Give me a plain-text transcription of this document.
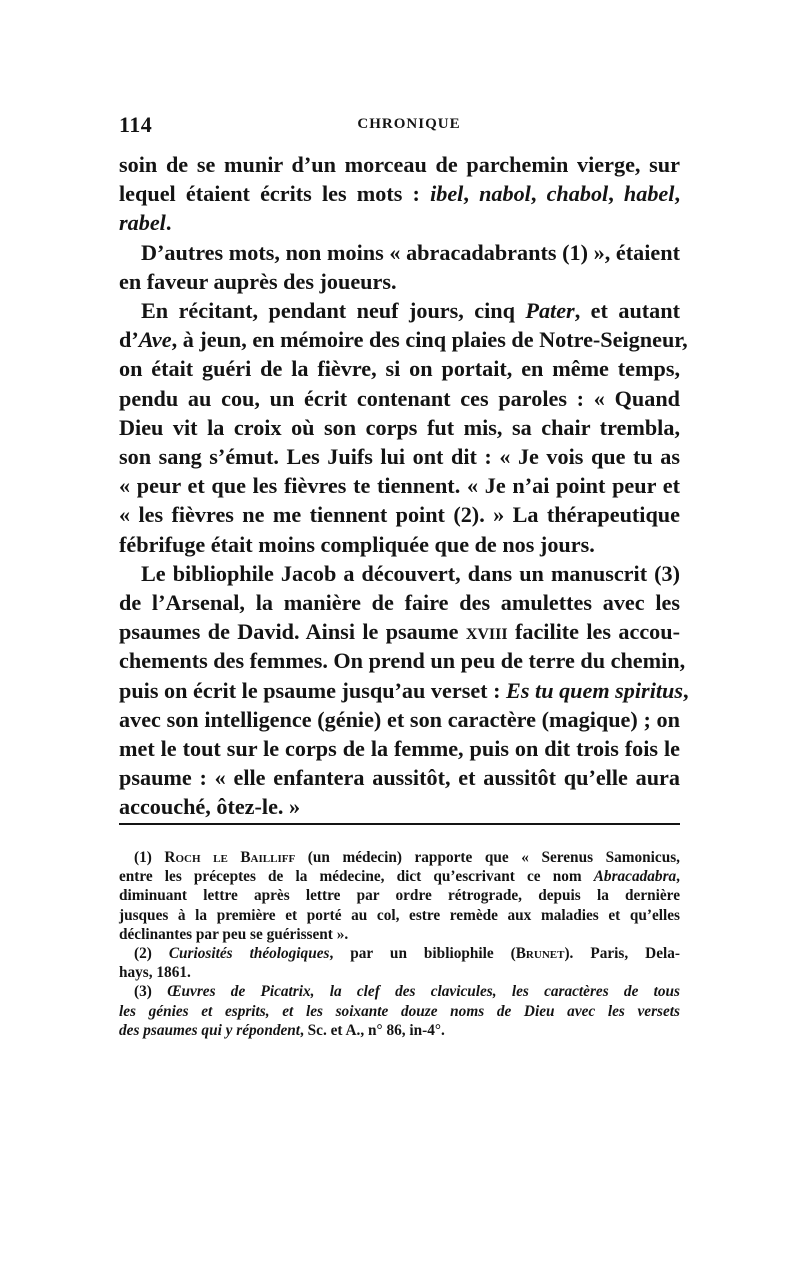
114	CHRONIQUE
soin de se munir d’un morceau de parchemin vierge, sur
lequel étaient écrits les mots : ibel, nabol, chabol, habel,
rabel.
D’autres mots, non moins « abracadabrants (1) », étaient
en faveur auprès des joueurs.
En récitant, pendant neuf jours, cinq Pater, et autant
d’Ave, à jeun, en mémoire des cinq plaies de Notre-Seigneur,
on était guéri de la fièvre, si on portait, en même temps,
pendu au cou, un écrit contenant ces paroles : « Quand
Dieu vit la croix où son corps fut mis, sa chair trembla,
son sang s’émut. Les Juifs lui ont dit : « Je vois que tu as
« peur et que les fièvres te tiennent. « Je n’ai point peur et
« les fièvres ne me tiennent point (2). » La thérapeutique
fébrifuge était moins compliquée que de nos jours.
Le bibliophile Jacob a découvert, dans un manuscrit (3)
de l’Arsenal, la manière de faire des amulettes avec les
psaumes de David. Ainsi le psaume xviii facilite les accou-
chements des femmes. On prend un peu de terre du chemin,
puis on écrit le psaume jusqu’au verset : Es tu quem spiritus,
avec son intelligence (génie) et son caractère (magique) ; on
met le tout sur le corps de la femme, puis on dit trois fois le
psaume : « elle enfantera aussitôt, et aussitôt qu’elle aura
accouché, ôtez-le. »
(1) Roch le Bailliff (un médecin) rapporte que « Serenus Samonicus,
entre les préceptes de la médecine, dict qu’escrivant ce nom Abracadabra,
diminuant lettre après lettre par ordre rétrograde, depuis la dernière
jusques à la première et porté au col, estre remède aux maladies et qu’elles
déclinantes par peu se guérissent ».
(2) Curiosités théologiques, par un bibliophile (Brunet). Paris, Dela-
hays, 1861.
(3) Œuvres de Picatrix, la clef des clavicules, les caractères de tous
les génies et esprits, et les soixante douze noms de Dieu avec les versets
des psaumes qui y répondent, Sc. et A., n° 86, in-4°.
